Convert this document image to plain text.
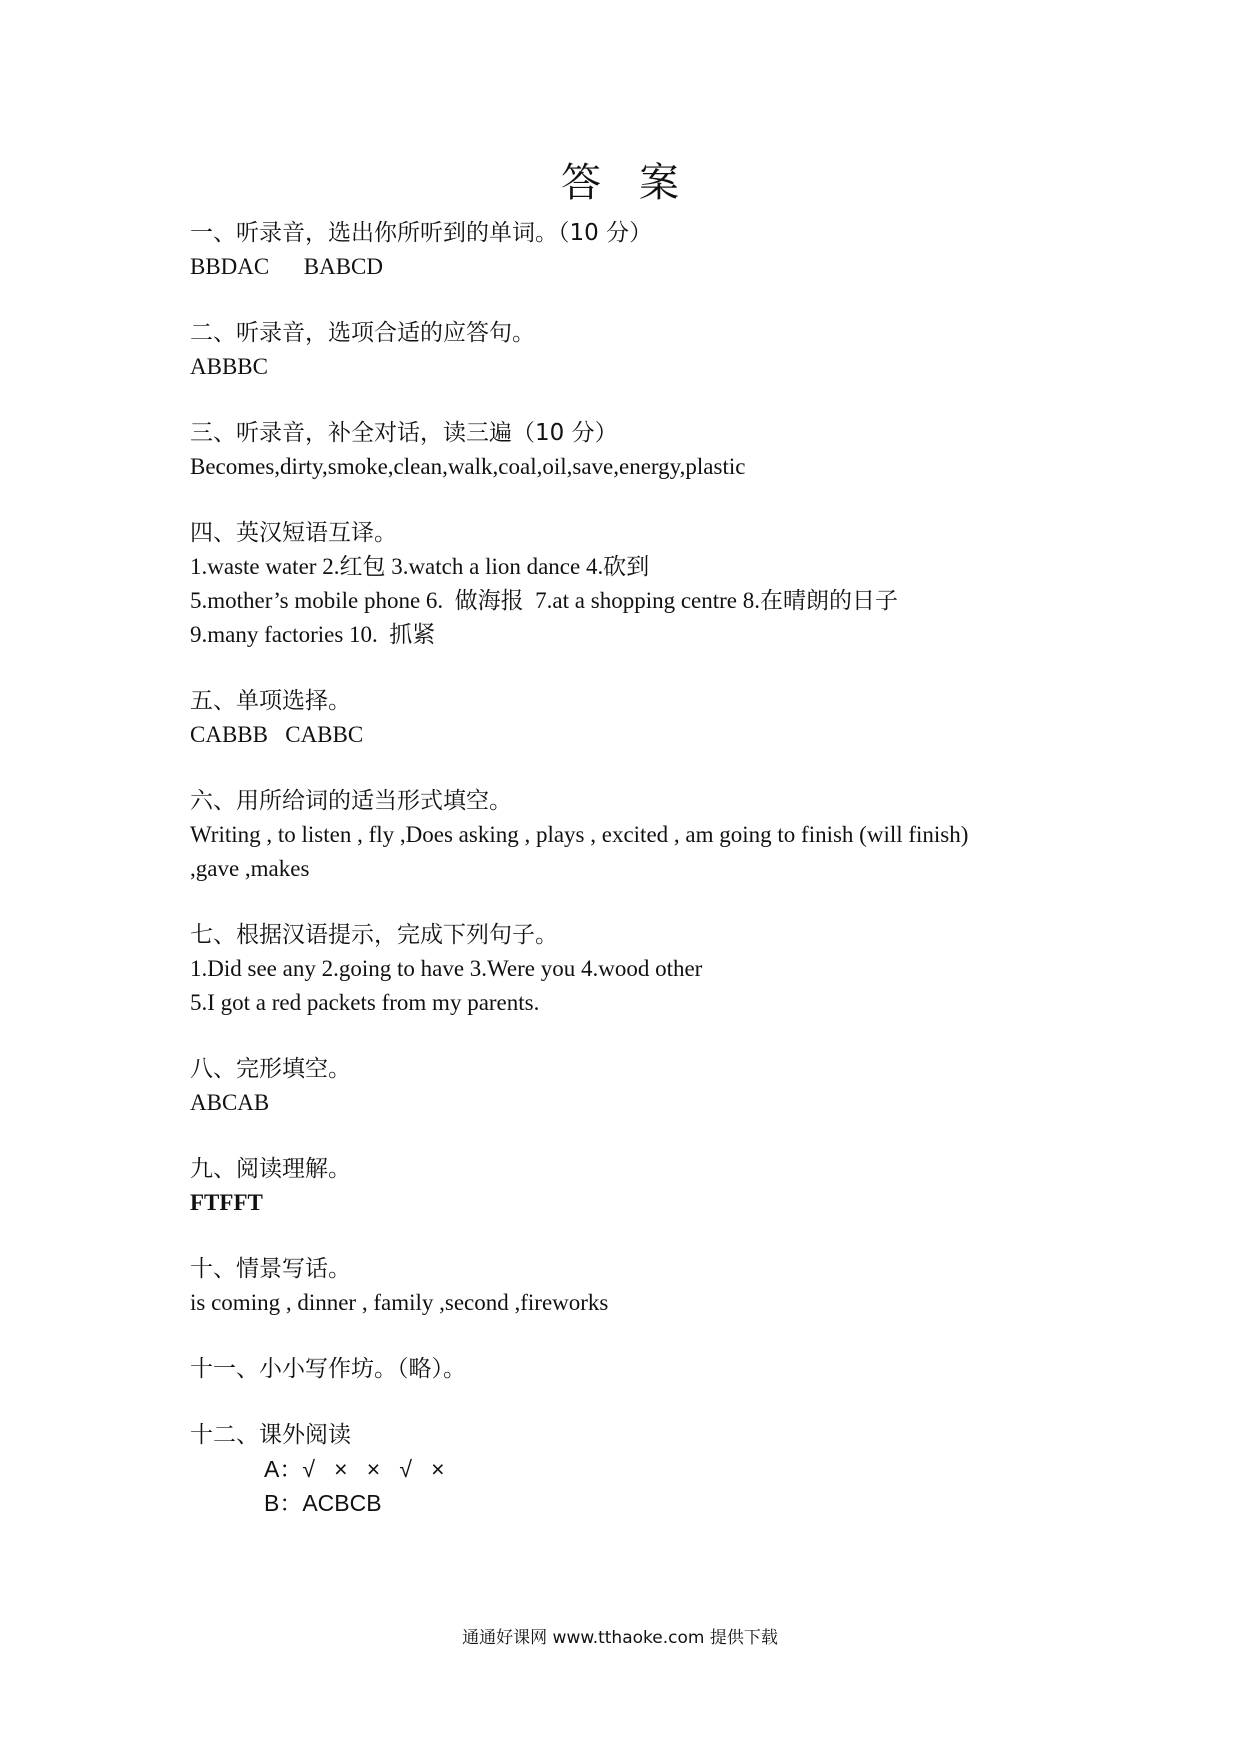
答案
一、听录音，选出你所听到的单词。（10 分）
BBDAC      BABCD
二、听录音，选项合适的应答句。
ABBBC
三、听录音，补全对话，读三遍（10 分）
Becomes,dirty,smoke,clean,walk,coal,oil,save,energy,plastic
四、英汉短语互译。
1.waste water 2.红包 3.watch a lion dance 4.砍到
5.mother’s mobile phone 6.  做海报  7.at a shopping centre 8.在晴朗的日子
9.many factories 10.  抓紧
五、单项选择。
CABBB   CABBC
六、用所给词的适当形式填空。
Writing , to listen , fly ,Does asking , plays , excited , am going to finish (will finish) ,gave ,makes
七、根据汉语提示，完成下列句子。
1.Did see any 2.going to have 3.Were you 4.wood other
5.I got a red packets from my parents.
八、完形填空。
ABCAB
九、阅读理解。
FTFFT
十、情景写话。
is coming , dinner , family ,second ,fireworks
十一、小小写作坊。（略）。
十二、课外阅读
A：√   ×   ×   √   ×
B：ACBCB
通通好课网 www.tthaoke.com 提供下载
